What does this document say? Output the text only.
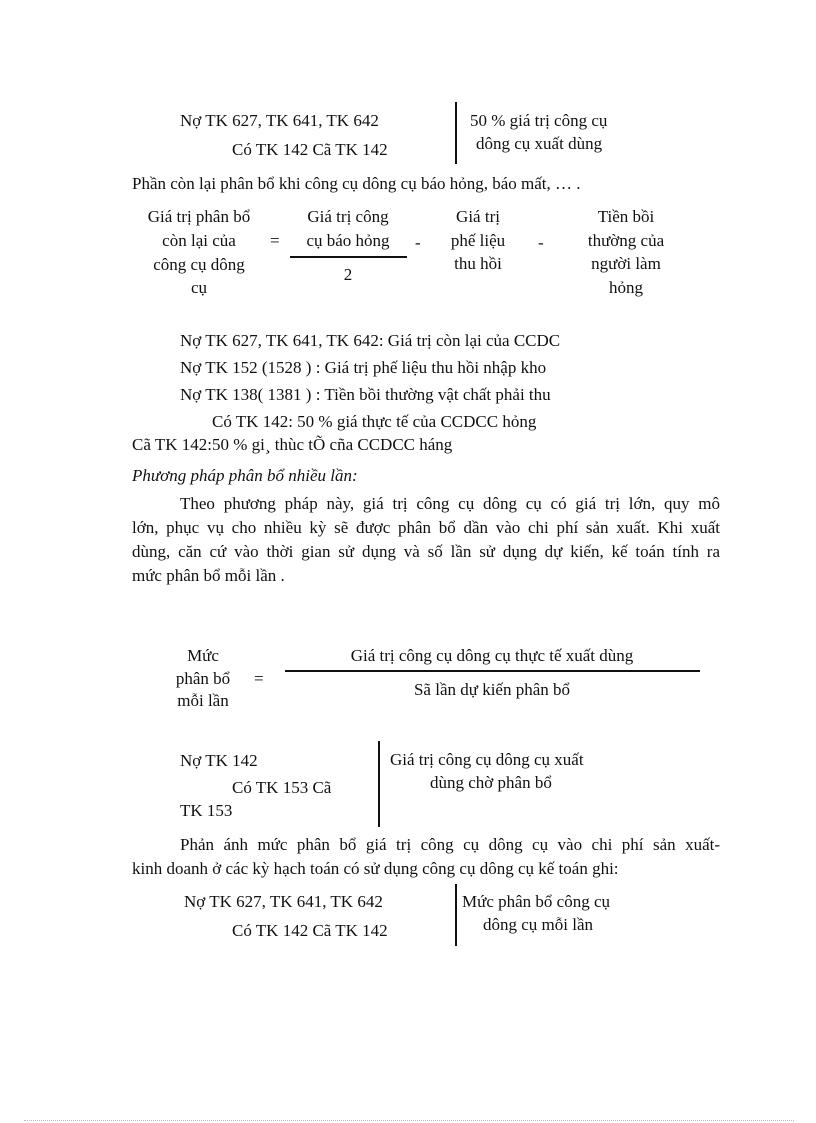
Nợ TK 627, TK 641, TK 642
Có TK 142 Cã TK 142
50 % giá trị công cụ
dông cụ xuất dùng
Phần còn lại phân bổ khi công cụ dông cụ báo hỏng, báo mất, … .
Giá trị phân bổ
còn lại của
công cụ dông
cụ
=
Giá trị công
cụ báo hỏng
2
-
Giá trị
phế liệu
thu hồi
-
Tiền bồi
thường của
người làm
hỏng
Nợ TK 627, TK 641, TK 642: Giá trị còn lại của CCDC
Nợ TK 152 (1528 ) : Giá trị phế liệu thu hồi nhập kho
Nợ TK 138( 1381 ) : Tiền bồi thường vật chất phải thu
Có TK 142: 50 % giá thực tế của CCDCC hỏng
Cã TK 142:50 % gi¸ thùc tÕ cña CCDCC háng
Phương pháp phân bổ nhiều lần:
Theo phương pháp này, giá trị công cụ dông cụ có giá trị lớn, quy mô
lớn, phục vụ cho nhiều kỳ sẽ được phân bổ dần vào chi phí sản xuất. Khi xuất
dùng, căn cứ vào thời gian sử dụng và số lần sử dụng dự kiến, kế toán tính ra
mức phân bổ mỗi lần .
Mức
phân bổ
mỗi lần
=
Giá trị công cụ dông cụ thực tế xuất dùng
Sã lần dự kiến phân bổ
Nợ TK 142
Có TK 153 Cã
TK 153
Giá trị công cụ dông cụ xuất
dùng chờ phân bổ
Phản ánh mức phân bổ giá trị công cụ dông cụ vào chi phí sản xuất-
kinh doanh ở các kỳ hạch toán có sử dụng công cụ dông cụ kế toán ghi:
Nợ TK 627, TK 641, TK 642
Có TK 142 Cã TK 142
Mức phân bổ công cụ
dông cụ mỗi lần
